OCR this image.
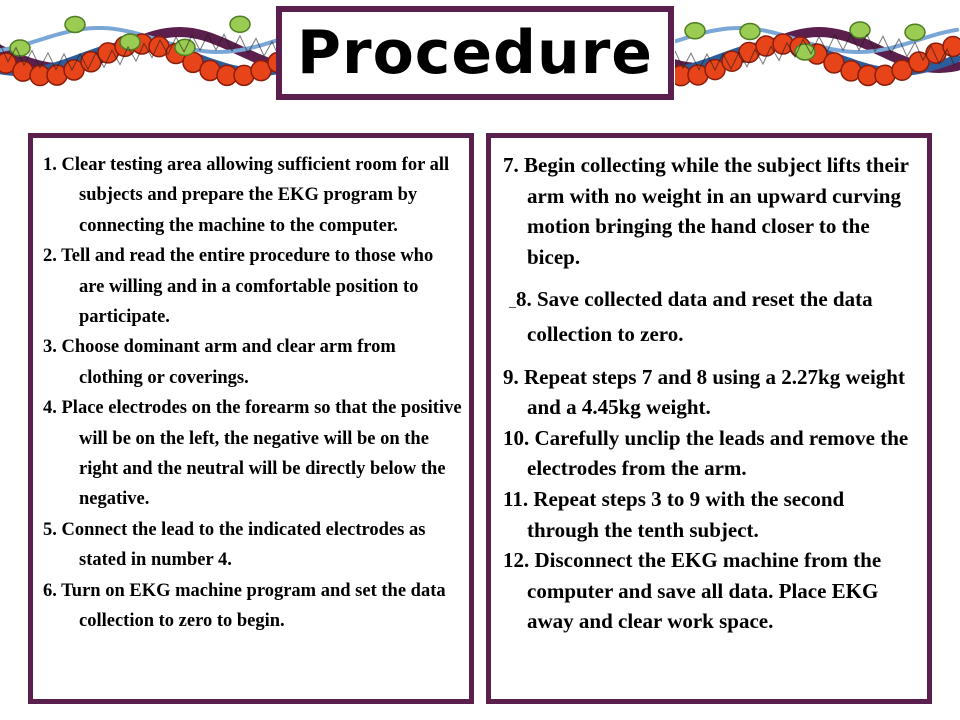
Procedure

1. Clear testing area allowing sufficient room for all subjects and prepare the EKG program by connecting the machine to the computer.

2. Tell and read the entire procedure to those who are willing and in a comfortable position to participate.

3. Choose dominant arm and clear arm from clothing or coverings.

4. Place electrodes on the forearm so that the positive will be on the left, the negative will be on the right and the neutral will be directly below the negative.

5. Connect the lead to the indicated electrodes as stated in number 4.

6. Turn on EKG machine program and set the data collection to zero to begin.

7. Begin collecting while the subject lifts their arm with no weight in an upward curving motion bringing the hand closer to the bicep.

_8. Save collected data and reset the data collection to zero.

9. Repeat steps 7 and 8 using a 2.27kg weight and a 4.45kg weight.

10. Carefully unclip the leads and remove the electrodes from the arm.

11. Repeat steps 3 to 9 with the second through the tenth subject.

12. Disconnect the EKG machine from the computer and save all data. Place EKG away and clear work space.
